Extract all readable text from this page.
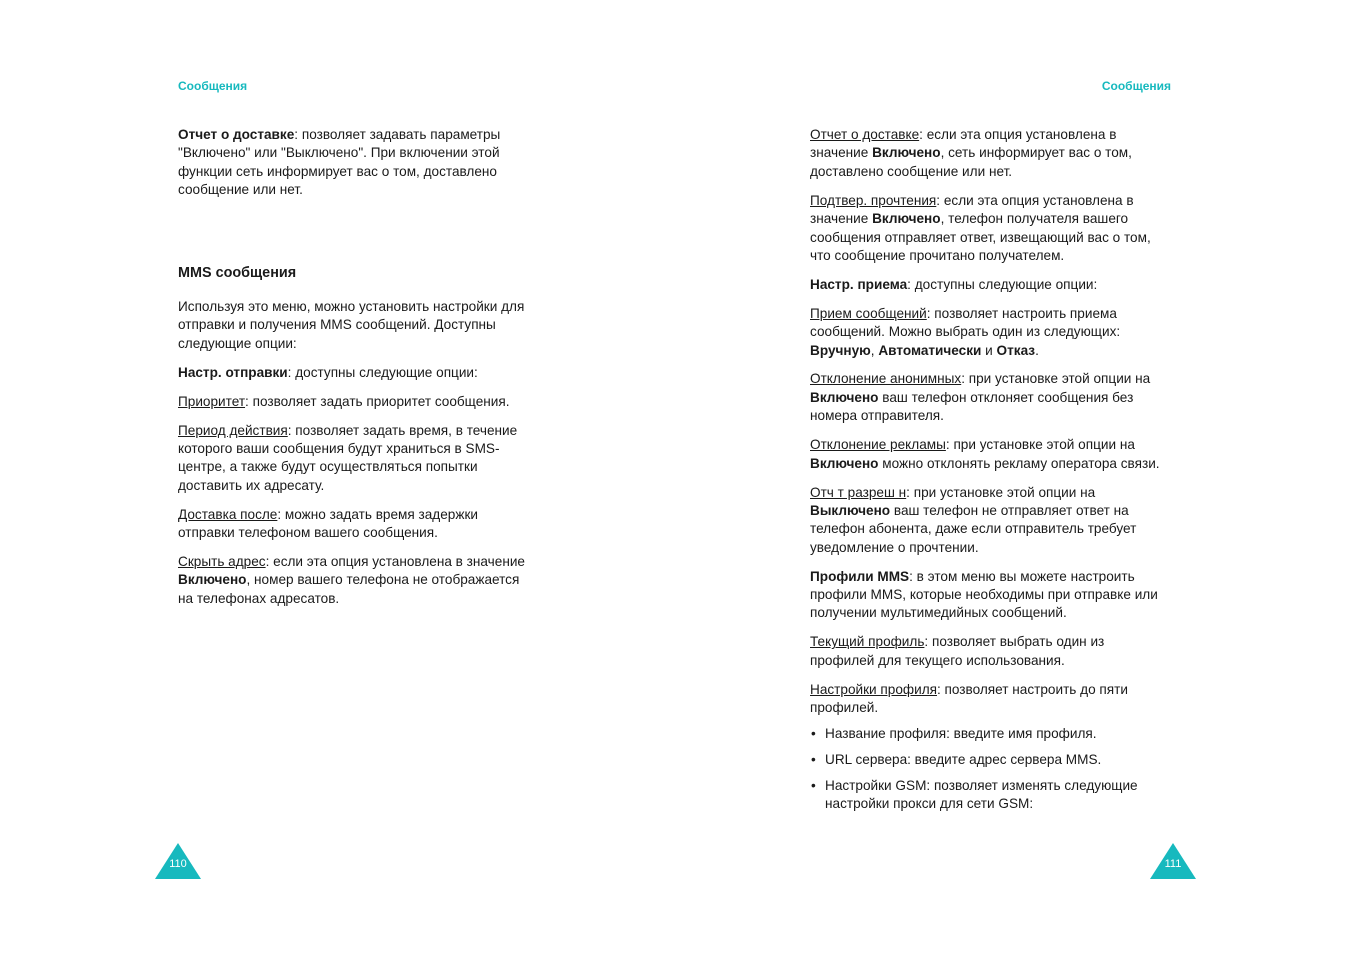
Сообщения

Отчет о доставке: позволяет задавать параметры "Включено" или "Выключено". При включении этой функции сеть информирует вас о том, доставлено сообщение или нет.

MMS сообщения

Используя это меню, можно установить настройки для отправки и получения MMS сообщений. Доступны следующие опции:

Настр. отправки: доступны следующие опции:

Приоритет: позволяет задать приоритет сообщения.

Период действия: позволяет задать время, в течение которого ваши сообщения будут храниться в SMS-центре, а также будут осуществляться попытки доставить их адресату.

Доставка после: можно задать время задержки отправки телефоном вашего сообщения.

Скрыть адрес: если эта опция установлена в значение Включено, номер вашего телефона не отображается на телефонах адресатов.

110
Сообщения

Отчет о доставке: если эта опция установлена в значение Включено, сеть информирует вас о том, доставлено сообщение или нет.

Подтвер. прочтения: если эта опция установлена в значение Включено, телефон получателя вашего сообщения отправляет ответ, извещающий вас о том, что сообщение прочитано получателем.

Настр. приема: доступны следующие опции:

Прием сообщений: позволяет настроить приема сообщений. Можно выбрать один из следующих: Вручную, Автоматически и Отказ.

Отклонение анонимных: при установке этой опции на Включено ваш телефон отклоняет сообщения без номера отправителя.

Отклонение рекламы: при установке этой опции на Включено можно отклонять рекламу оператора связи.

Отч т разреш н: при установке этой опции на Выключено ваш телефон не отправляет ответ на телефон абонента, даже если отправитель требует уведомление о прочтении.

Профили MMS: в этом меню вы можете настроить профили MMS, которые необходимы при отправке или получении мультимедийных сообщений.

Текущий профиль: позволяет выбрать один из профилей для текущего использования.

Настройки профиля: позволяет настроить до пяти профилей.

• Название профиля: введите имя профиля.
• URL сервера: введите адрес сервера MMS.
• Настройки GSM: позволяет изменять следующие настройки прокси для сети GSM:
111
